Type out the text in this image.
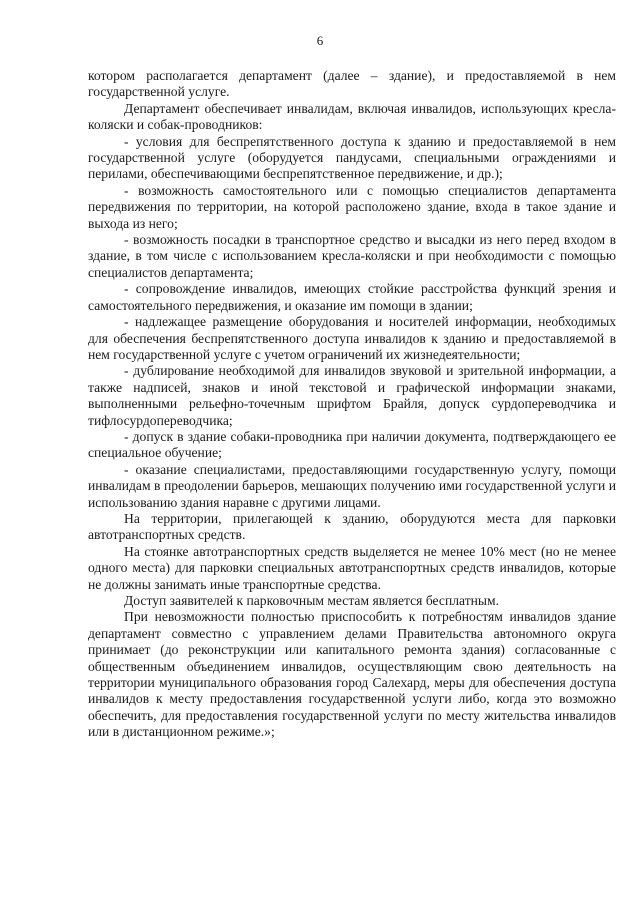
6

котором располагается департамент (далее – здание), и предоставляемой в нем государственной услуге.

Департамент обеспечивает инвалидам, включая инвалидов, использующих кресла-коляски и собак-проводников:

- условия для беспрепятственного доступа к зданию и предоставляемой в нем государственной услуге (оборудуется пандусами, специальными ограждениями и перилами, обеспечивающими беспрепятственное передвижение, и др.);

- возможность самостоятельного или с помощью специалистов департамента передвижения по территории, на которой расположено здание, входа в такое здание и выхода из него;

- возможность посадки в транспортное средство и высадки из него перед входом в здание, в том числе с использованием кресла-коляски и при необходимости с помощью специалистов департамента;

- сопровождение инвалидов, имеющих стойкие расстройства функций зрения и самостоятельного передвижения, и оказание им помощи в здании;

- надлежащее размещение оборудования и носителей информации, необходимых для обеспечения беспрепятственного доступа инвалидов к зданию и предоставляемой в нем государственной услуге с учетом ограничений их жизнедеятельности;

- дублирование необходимой для инвалидов звуковой и зрительной информации, а также надписей, знаков и иной текстовой и графической информации знаками, выполненными рельефно-точечным шрифтом Брайля, допуск сурдопереводчика и тифлосурдопереводчика;

- допуск в здание собаки-проводника при наличии документа, подтверждающего ее специальное обучение;

- оказание специалистами, предоставляющими государственную услугу, помощи инвалидам в преодолении барьеров, мешающих получению ими государственной услуги и использованию здания наравне с другими лицами.

На территории, прилегающей к зданию, оборудуются места для парковки автотранспортных средств.

На стоянке автотранспортных средств выделяется не менее 10% мест (но не менее одного места) для парковки специальных автотранспортных средств инвалидов, которые не должны занимать иные транспортные средства.

Доступ заявителей к парковочным местам является бесплатным.

При невозможности полностью приспособить к потребностям инвалидов здание департамент совместно с управлением делами Правительства автономного округа принимает (до реконструкции или капитального ремонта здания) согласованные с общественным объединением инвалидов, осуществляющим свою деятельность на территории муниципального образования город Салехард, меры для обеспечения доступа инвалидов к месту предоставления государственной услуги либо, когда это возможно обеспечить, для предоставления государственной услуги по месту жительства инвалидов или в дистанционном режиме.»;
